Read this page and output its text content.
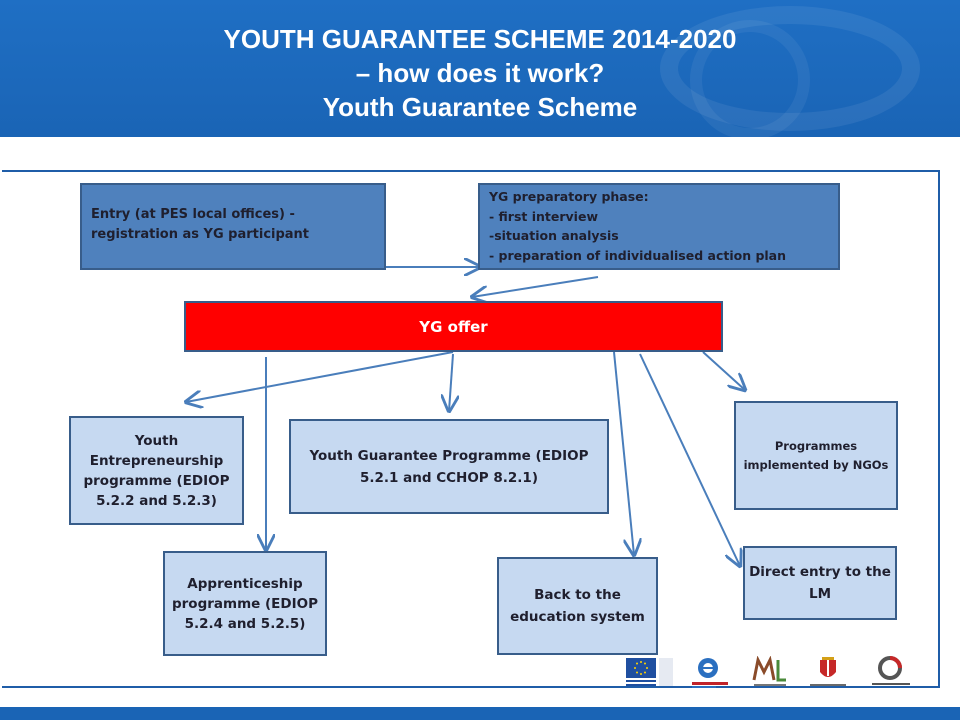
YOUTH GUARANTEE SCHEME 2014-2020
– how does it work?
Youth Guarantee Scheme
Entry (at PES local offices) - registration as YG participant
YG preparatory phase:
- first interview
-situation analysis
- preparation of individualised action plan
YG offer
Youth Entrepreneurship programme (EDIOP 5.2.2 and 5.2.3)
Youth Guarantee Programme (EDIOP 5.2.1 and CCHOP 8.2.1)
Programmes implemented by NGOs
Apprenticeship programme (EDIOP 5.2.4 and 5.2.5)
Back to the education system
Direct entry to the LM
